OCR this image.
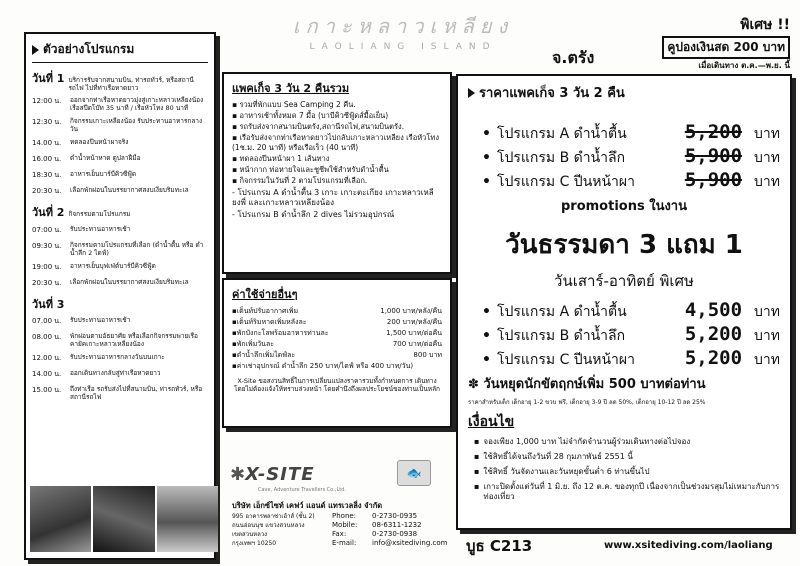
เกาะหลาวเหลียง
LAOLIANG ISLAND
จ.ตรัง
พิเศษ !!
คูปองเงินสด 200 บาท
เมื่อเดินทาง ต.ค.—พ.ย. นี้
ตัวอย่างโปรแกรม
วันที่ 1 บริการรับจากสนามบิน, ท่ารถทัวร์, หรือสถานีรถไฟ ไปที่ท่าเรือหาดยาว
12:00 น.	ออกจากท่าเรือหาดยาวมุ่งสู่เกาะหลาวเหลียงน้อง เรือสปีดโบ๊ท 35 นาที / เรือหัวโทง 80 นาที
12:30 น.	กิจกรรมเกาะเหลียงน้อง รับประทานอาหารกลางวัน
14.00 น.	ทดลองปีนหน้าผาจริง
16.00 น.	ดำน้ำหน้าหาด ดูปลาฝีมือ
18:30 น.	อาหารเย็นบาร์บีคิวซีฟู้ด
20:30 น.	เลือกพักผ่อนในบรรยากาศสงบเงียบริมทะเล
วันที่ 2 กิจกรรมตามโปรแกรม
07:00 น.	รับประทานอาหารเช้า
09:30 น.	กิจกรรมตามโปรแกรมที่เลือก (ดำน้ำตื้น หรือ ดำน้ำลึก 2 ไดฟ์)
19:00 น.	อาหารเย็นบุฟเฟ่ต์บาร์บีคิวซีฟู้ด
20:30 น.	เลือกพักผ่อนในบรรยากาศสงบเงียบริมทะเล
วันที่ 3
07.00 น.	รับประทานอาหารเช้า
08.00 น.	พักผ่อนตามอัธยาศัย หรือเลือกกิจกรรมพายเรือคายัคเกาะหลาวเหลียงน้อง
12.00 น.	รับประทานอาหารกลางวันบนเกาะ
14.00 น.	ออกเดินทางกลับสู่ท่าเรือหาดยาว
15.00 น.	ถึงท่าเรือ รถรับส่งไปที่สนามบิน, ท่ารถทัวร์, หรือสถานีรถไฟ
แพคเก็จ 3 วัน 2 คืนรวม
▪ รวมที่พักแบบ Sea Camping 2 คืน.
▪ อาหารเช้าทั้งหมด 7 มื้อ (บาบีคิวซีฟู้ดส์มื้อเย็น)
▪ รถรับส่งจากสนามบินตรัง,สถานีรถไฟ,สนามบินตรัง.
▪ เรือรับส่งจากท่าเรือหาดยาวไปกลับเกาะหลาวเหลียง เรือหัวโทง (1ช.ม. 20 นาที) หรือเรือเร็ว (40 นาที)
▪ ทดลองปีนหน้าผา 1 เส้นทาง
▪ หน้ากาก ท่อหายใจและชูชีพใช้สำหรับดำน้ำตื้น
▪ กิจกรรมในวันที่ 2 ตามโปรแกรมที่เลือก.
- โปรแกรม A ดำน้ำตื้น 3 เกาะ เกาะตะเกียง เกาะหลาวเหลียงพี่ และเกาะหลาวเหลียงน้อง
- โปรแกรม B ดำน้ำลึก 2 dives ไม่รวมอุปกรณ์
ค่าใช้จ่ายอื่นๆ
▪ เต็นท์ปรับอากาศเพิ่ม	1,000 บาท/หลัง/คืน
▪ เต็นท์ริมหาดเพิ่มหลังละ	200 บาท/หลัง/คืน
▪ พักบังกะโลพร้อมอาหารท่านละ	1,500 บาท/ต่อคืน
▪ พักเพิ่มวันละ	700 บาท/ต่อคืน
▪ ดำน้ำลึกเพิ่มไดฟ์ละ	800 บาท
▪ ค่าเช่าอุปกรณ์ ดำน้ำลึก 250 บาท/ไดฟ์ หรือ 400 บาท/วัน)
X-Site ขอสงวนสิทธิ์ในการเปลี่ยนแปลงราคารวมทั้งกำหนดการ เดินทางโดยไม่ต้องแจ้งให้ทราบล่วงหน้า โดยคำนึงถึงผลประโยชน์ของท่านเป็นหลัก
✱ X-SITE
Cave, Adventure Travellers Co.,Ltd.
🐟
บริษัท เอ็กซ์ไซท์ เคฟว์ แอนด์ แทรเวลลิ่ง จำกัด
995 อาคารพลาซ่าเฮ้าส์ (ชั้น 2)
ถนนอ่อนนุช แขวงสวนหลวง
เขตสวนหลวง
กรุงเทพฯ 10250
Phone:	0-2730-0935
Mobile:	08-6311-1232
Fax:	0-2730-0938
E-mail:	info@xsitediving.com
ราคาแพคเก็จ 3 วัน 2 คืน
• โปรแกรม A ดำน้ำตื้น	5,200 บาท
• โปรแกรม B ดำน้ำลึก	5,900 บาท
• โปรแกรม C ปีนหน้าผา	5,900 บาท
promotions ในงาน
วันธรรมดา 3 แถม 1
วันเสาร์-อาทิตย์ พิเศษ
• โปรแกรม A ดำน้ำตื้น	4,500 บาท
• โปรแกรม B ดำน้ำลึก	5,200 บาท
• โปรแกรม C ปีนหน้าผา	5,200 บาท
✽ วันหยุดนักขัตฤกษ์เพิ่ม 500 บาทต่อท่าน
ราคาสำหรับเด็ก เด็กอายุ 1-2 ขวบ ฟรี, เด็กอายุ 3-9 ปี ลด 50%, เด็กอายุ 10-12 ปี ลด 25%
เงื่อนไข
▪ จองเพียง 1,000 บาท ไม่จำกัดจำนวนผู้ร่วมเดินทางต่อไปจอง
▪ ใช้สิทธิ์ได้จนถึงวันที่ 28 กุมภาพันธ์ 2551 นี้
▪ ใช้สิทธิ์ วันจัดงานและวันหยุดขั้นต่ำ 6 ท่านขึ้นไป
▪ เกาะปิดตั้งแต่วันที่ 1 มิ.ย. ถึง 12 ต.ค. ของทุกปี เนื่องจากเป็นช่วงมรสุมไม่เหมาะกับการท่องเที่ยว
บูธ C213	www.xsitediving.com/laoliang
